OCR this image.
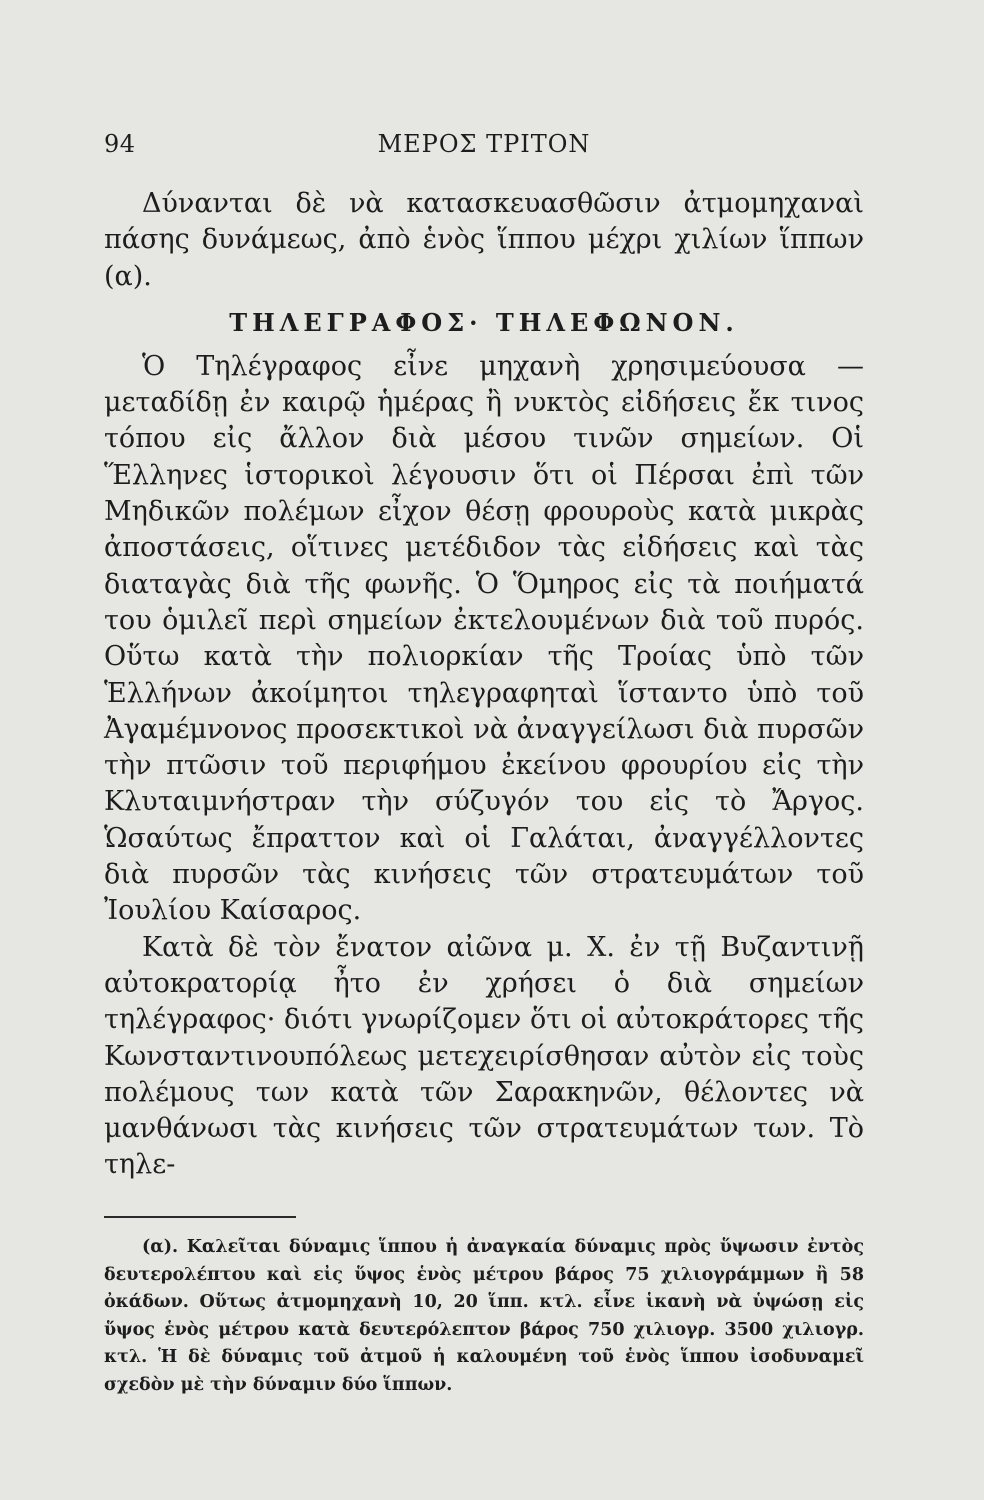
94	ΜΕΡΟΣ ΤΡΙΤΟΝ

Δύνανται δὲ νὰ κατασκευασθῶσιν ἀτμομηχαναὶ πάσης δυνάμεως, ἀπὸ ἑνὸς ἵππου μέχρι χιλίων ἵππων (α).

ΤΗΛΕΓΡΑΦΟΣ· ΤΗΛΕΦΩΝΟΝ.

Ὁ Τηλέγραφος εἶνε μηχανὴ χρησιμεύουσα — μεταδίδῃ ἐν καιρῷ ἡμέρας ἢ νυκτὸς εἰδήσεις ἔκ τινος τόπου εἰς ἄλλον διὰ μέσου τινῶν σημείων. Οἱ Ἕλληνες ἱστορικοὶ λέγουσιν ὅτι οἱ Πέρσαι ἐπὶ τῶν Μηδικῶν πολέμων εἶχον θέσῃ φρουροὺς κατὰ μικρὰς ἀποστάσεις, οἵτινες μετέδιδον τὰς εἰδήσεις καὶ τὰς διαταγὰς διὰ τῆς φωνῆς. Ὁ Ὅμηρος εἰς τὰ ποιήματά του ὁμιλεῖ περὶ σημείων ἐκτελουμένων διὰ τοῦ πυρός. Οὕτω κατὰ τὴν πολιορκίαν τῆς Τροίας ὑπὸ τῶν Ἑλλήνων ἀκοίμητοι τηλεγραφηταὶ ἵσταντο ὑπὸ τοῦ Ἀγαμέμνονος προσεκτικοὶ νὰ ἀναγγείλωσι διὰ πυρσῶν τὴν πτῶσιν τοῦ περιφήμου ἐκείνου φρουρίου εἰς τὴν Κλυταιμνήστραν τὴν σύζυγόν του εἰς τὸ Ἄργος. Ὡσαύτως ἔπραττον καὶ οἱ Γαλάται, ἀναγγέλλοντες διὰ πυρσῶν τὰς κινήσεις τῶν στρατευμάτων τοῦ Ἰουλίου Καίσαρος.

Κατὰ δὲ τὸν ἔνατον αἰῶνα μ. Χ. ἐν τῇ Βυζαντινῇ αὐτοκρατορίᾳ ἦτο ἐν χρήσει ὁ διὰ σημείων τηλέγραφος· διότι γνωρίζομεν ὅτι οἱ αὐτοκράτορες τῆς Κωνσταντινουπόλεως μετεχειρίσθησαν αὐτὸν εἰς τοὺς πολέμους των κατὰ τῶν Σαρακηνῶν, θέλοντες νὰ μανθάνωσι τὰς κινήσεις τῶν στρατευμάτων των. Τὸ τηλε-

(α). Καλεῖται δύναμις ἵππου ἡ ἀναγκαία δύναμις πρὸς ὕψωσιν ἐντὸς δευτερολέπτου καὶ εἰς ὕψος ἑνὸς μέτρου βάρος 75 χιλιογράμμων ἢ 58 ὀκάδων. Οὕτως ἀτμομηχανὴ 10, 20 ἵππ. κτλ. εἶνε ἱκανὴ νὰ ὑψώσῃ εἰς ὕψος ἑνὸς μέτρου κατὰ δευτερόλεπτον βάρος 750 χιλιογρ. 3500 χιλιογρ. κτλ. Ἡ δὲ δύναμις τοῦ ἀτμοῦ ἡ καλουμένη τοῦ ἑνὸς ἵππου ἰσοδυναμεῖ σχεδὸν μὲ τὴν δύναμιν δύο ἵππων.
